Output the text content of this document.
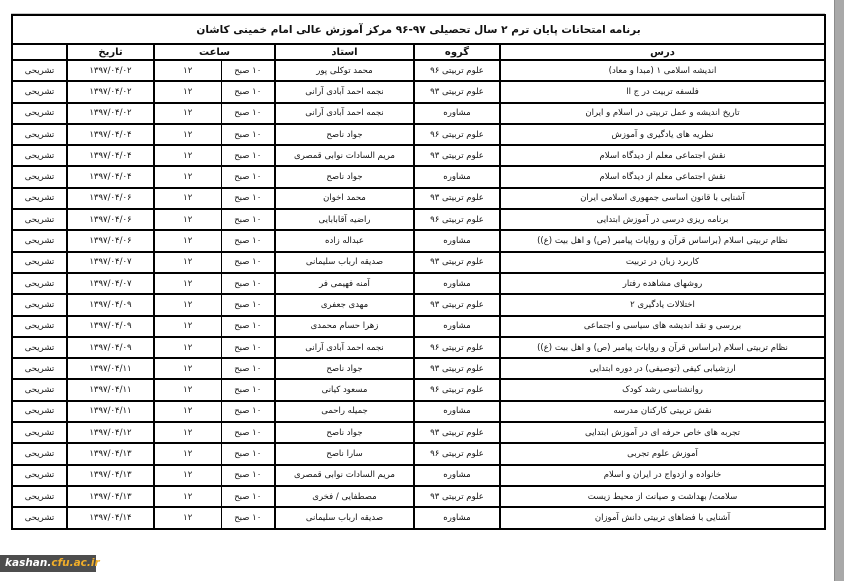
برنامه امتحانات پایان ترم ۲ سال تحصیلی ۹۷-۹۶ مرکز آموزش عالی امام خمینی کاشان						
	تاریخ	ساعت		استاد	گروه	درس
تشریحی	۱۳۹۷/۰۴/۰۲	۱۲	۱۰ صبح	محمد توکلی پور	علوم تربیتی ۹۶	اندیشه اسلامی ۱ (مبدا و معاد)
تشریحی	۱۳۹۷/۰۴/۰۲	۱۲	۱۰ صبح	نجمه احمد آبادی آرانی	علوم تربیتی ۹۳	فلسفه تربیت در ج اا
تشریحی	۱۳۹۷/۰۴/۰۲	۱۲	۱۰ صبح	نجمه احمد آبادی آرانی	مشاوره	تاریخ اندیشه و عمل تربیتی در اسلام و ایران
تشریحی	۱۳۹۷/۰۴/۰۴	۱۲	۱۰ صبح	جواد ناصح	علوم تربیتی ۹۶	نظریه های یادگیری و آموزش
تشریحی	۱۳۹۷/۰۴/۰۴	۱۲	۱۰ صبح	مریم السادات نوابی قمصری	علوم تربیتی ۹۳	نقش اجتماعی معلم از دیدگاه اسلام
تشریحی	۱۳۹۷/۰۴/۰۴	۱۲	۱۰ صبح	جواد ناصح	مشاوره	نقش اجتماعی معلم از دیدگاه اسلام
تشریحی	۱۳۹۷/۰۴/۰۶	۱۲	۱۰ صبح	محمد اخوان	علوم تربیتی ۹۳	آشنایی با قانون اساسی جمهوری اسلامی ایران
تشریحی	۱۳۹۷/۰۴/۰۶	۱۲	۱۰ صبح	راضیه آقابابایی	علوم تربیتی ۹۶	برنامه ریزی درسی در آموزش ابتدایی
تشریحی	۱۳۹۷/۰۴/۰۶	۱۲	۱۰ صبح	عبداله زاده	مشاوره	نظام تربیتی اسلام (براساس قرآن و روایات پیامبر (ص) و اهل بیت (ع))
تشریحی	۱۳۹۷/۰۴/۰۷	۱۲	۱۰ صبح	صدیقه ارباب سلیمانی	علوم تربیتی ۹۳	کاربرد زبان در تربیت
تشریحی	۱۳۹۷/۰۴/۰۷	۱۲	۱۰ صبح	آمنه فهیمی فر	مشاوره	روشهای مشاهده رفتار
تشریحی	۱۳۹۷/۰۴/۰۹	۱۲	۱۰ صبح	مهدی جعفری	علوم تربیتی ۹۳	اختلالات یادگیری ۲
تشریحی	۱۳۹۷/۰۴/۰۹	۱۲	۱۰ صبح	زهرا حسام محمدی	مشاوره	بررسی و نقد اندیشه های سیاسی و اجتماعی
تشریحی	۱۳۹۷/۰۴/۰۹	۱۲	۱۰ صبح	نجمه احمد آبادی آرانی	علوم تربیتی ۹۶	نظام تربیتی اسلام (براساس قرآن و روایات پیامبر (ص) و اهل بیت (ع))
تشریحی	۱۳۹۷/۰۴/۱۱	۱۲	۱۰ صبح	جواد ناصح	علوم تربیتی ۹۳	ارزشیابی کیفی (توصیفی) در دوره ابتدایی
تشریحی	۱۳۹۷/۰۴/۱۱	۱۲	۱۰ صبح	مسعود کیانی	علوم تربیتی ۹۶	روانشناسی رشد کودک
تشریحی	۱۳۹۷/۰۴/۱۱	۱۲	۱۰ صبح	جمیله راحمی	مشاوره	نقش تربیتی کارکنان مدرسه
تشریحی	۱۳۹۷/۰۴/۱۲	۱۲	۱۰ صبح	جواد ناصح	علوم تربیتی ۹۳	تجربه های خاص حرفه ای در آموزش ابتدایی
تشریحی	۱۳۹۷/۰۴/۱۳	۱۲	۱۰ صبح	سارا ناصح	علوم تربیتی ۹۶	آموزش علوم تجربی
تشریحی	۱۳۹۷/۰۴/۱۳	۱۲	۱۰ صبح	مریم السادات نوابی قمصری	مشاوره	خانواده و ازدواج در ایران و اسلام
تشریحی	۱۳۹۷/۰۴/۱۳	۱۲	۱۰ صبح	مصطفایی / فخری	علوم تربیتی ۹۳	سلامت/ بهداشت و صیانت از محیط زیست
تشریحی	۱۳۹۷/۰۴/۱۴	۱۲	۱۰ صبح	صدیقه ارباب سلیمانی	مشاوره	آشنایی با فضاهای تربیتی دانش آموزان
kashan.cfu.ac.ir
